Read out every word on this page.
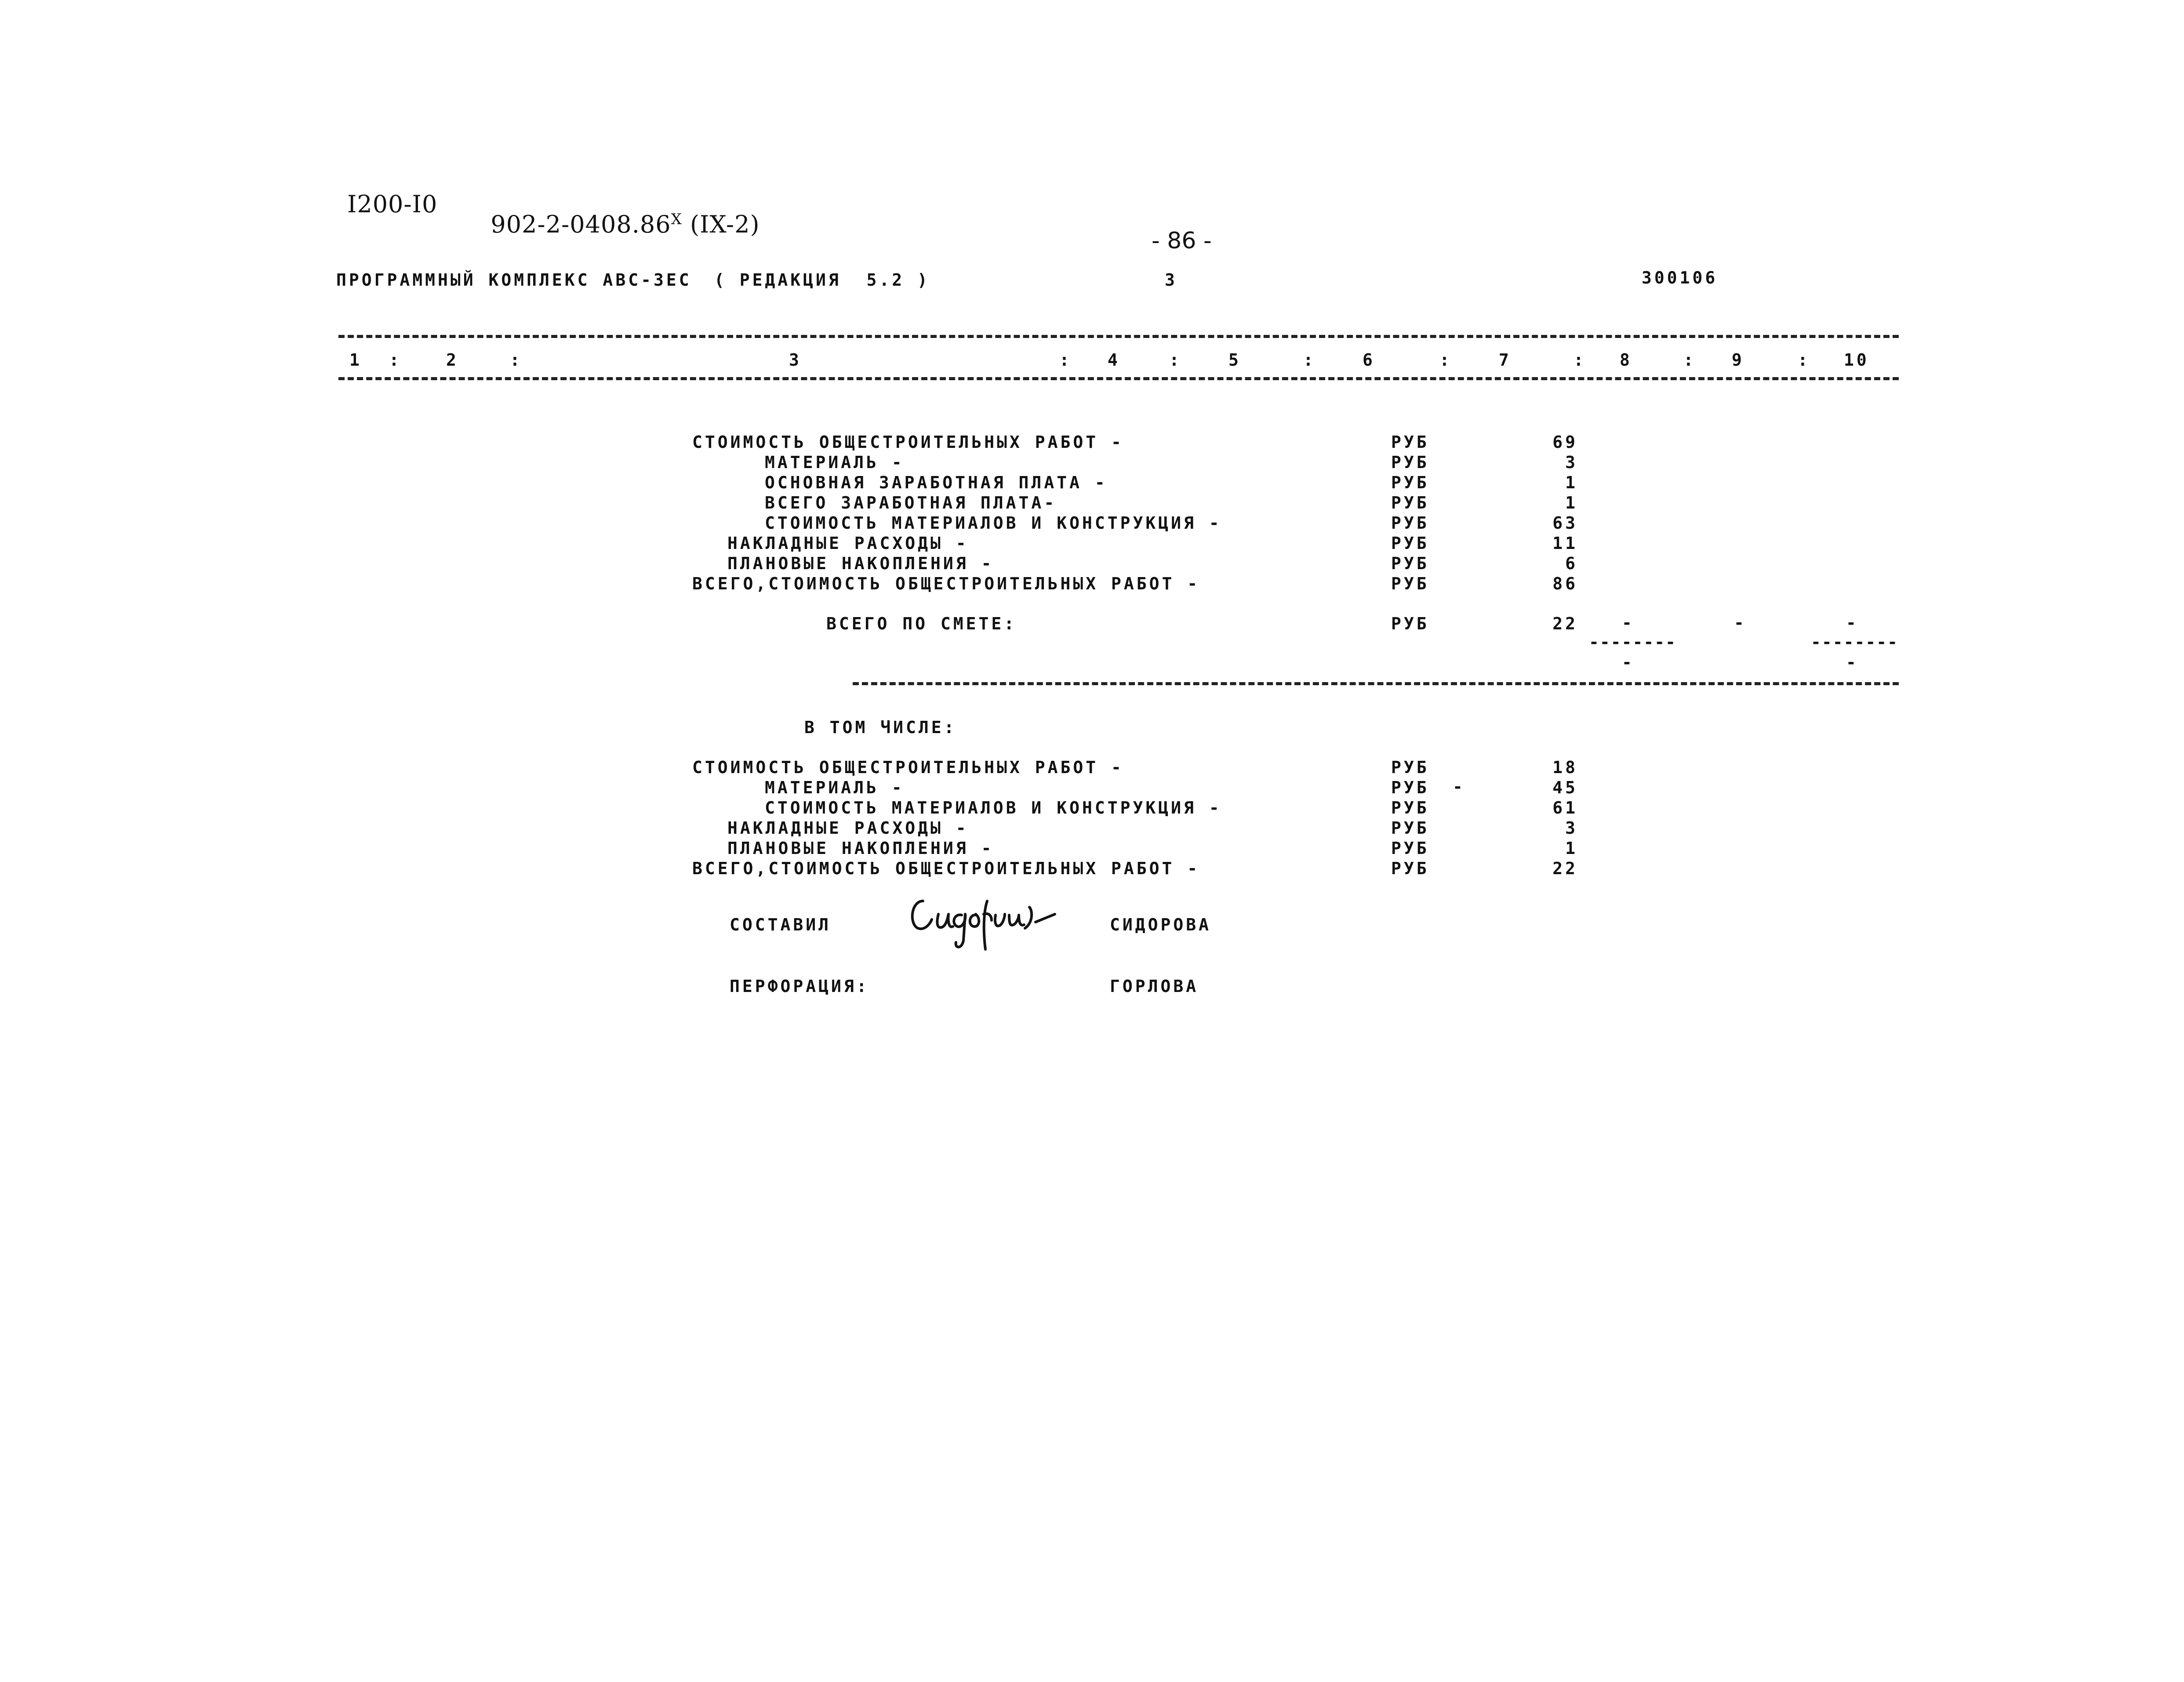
I200-I0

$902-2-0408.86^X$ (IX-2)

- 86 -
ПРОГРАММНЫЙ КОМПЛЕКС АВС-3ЕС ( РЕДАКЦИЯ  5.2 )	3	300106
1 :	2	:	3	: 4	:	5	:	6	:	7	: 8	: 9	: 10
СТОИМОСТЬ ОБЩЕСТРОИТЕЛЬНЫХ РАБОТ -	РУБ	69
МАТЕРИАЛЬ -	РУБ	3
ОСНОВНАЯ ЗАРАБОТНАЯ ПЛАТА -	РУБ	1
ВСЕГО ЗАРАБОТНАЯ ПЛАТА-	РУБ	1
СТОИМОСТЬ МАТЕРИАЛОВ И КОНСТРУКЦИЯ -	РУБ	63
НАКЛАДНЫЕ РАСХОДЫ -	РУБ	11
ПЛАНОВЫЕ НАКОПЛЕНИЯ -	РУБ	6
ВСЕГО,СТОИМОСТЬ ОБЩЕСТРОИТЕЛЬНЫХ РАБОТ -	РУБ	86
ВСЕГО ПО СМЕТЕ:	РУБ	22	-	-	-
--------	--------
-	-
В ТОМ ЧИСЛЕ:
СТОИМОСТЬ ОБЩЕСТРОИТЕЛЬНЫХ РАБОТ -	РУБ	18
МАТЕРИАЛЬ -	РУБ -	45
СТОИМОСТЬ МАТЕРИАЛОВ И КОНСТРУКЦИЯ -	РУБ	61
НАКЛАДНЫЕ РАСХОДЫ -	РУБ	3
ПЛАНОВЫЕ НАКОПЛЕНИЯ -	РУБ	1
ВСЕГО,СТОИМОСТЬ ОБЩЕСТРОИТЕЛЬНЫХ РАБОТ -	РУБ	22
СОСТАВИЛ	СИДОРОВА
ПЕРФОРАЦИЯ:	ГОРЛОВА
